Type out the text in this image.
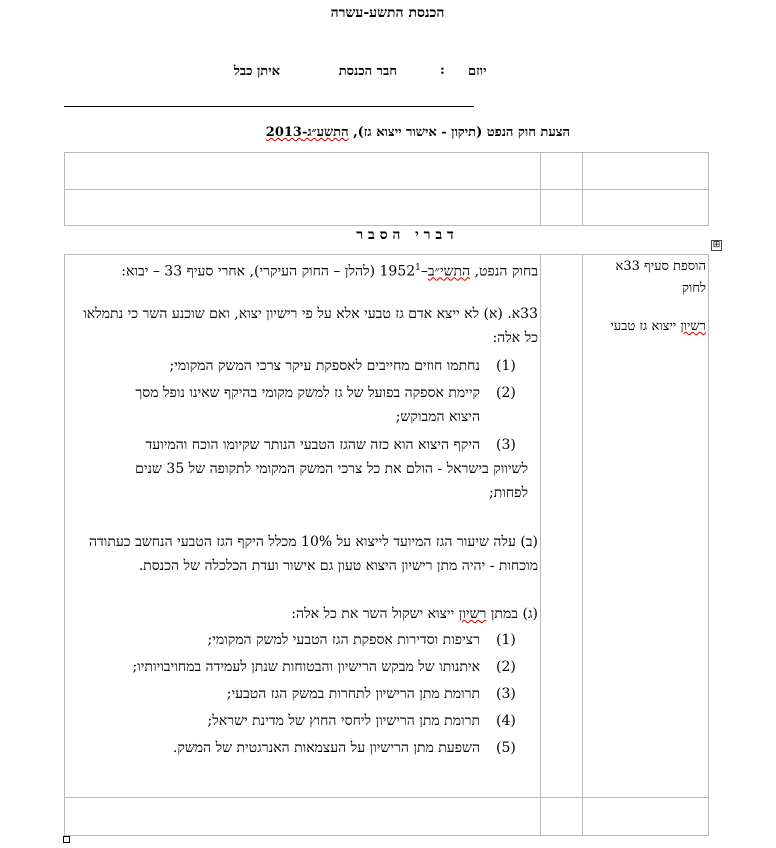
הכנסת התשע-עשרה
יוזם
:
חבר הכנסת
איתן כבל
הצעת חוק הנפט (תיקון - אישור ייצוא גז), התשע״ג-2013
ד ב ר י   ה ס ב ר
⊞
הוספת סעיף 33א
לחוק
רשיון ייצוא גז טבעי
בחוק הנפט, התשי״ב–1952$^1$ (להלן – החוק העיקרי), אחרי סעיף 33 – יבוא:
33א. (א) לא ייצא אדם גז טבעי אלא על פי רישיון יצוא, ואם שוכנע השר כי נתמלאו
כל אלה:
(1)
נחתמו חוזים מחייבים לאספקת עיקר צרכי המשק המקומי;
(2)
קיימת אספקה בפועל של גז למשק מקומי בהיקף שאינו נופל מסך
היצוא המבוקש;
(3)
היקף היצוא הוא כזה שהגז הטבעי הנותר שקיומו הוכח והמיועד
לשיווק בישראל - הולם את כל צרכי המשק המקומי לתקופה של 35 שנים
לפחות;
(ב) עלה שיעור הגז המיועד לייצוא על 10% מכלל היקף הגז הטבעי הנחשב כעתודה
מוכחות - יהיה מתן רישיון היצוא טעון גם אישור ועדת הכלכלה של הכנסת.
(ג) במתן רשיון ייצוא ישקול השר את כל אלה:
(1)
רציפות וסדירות אספקת הגז הטבעי למשק המקומי;
(2)
איתנותו של מבקש הרישיון והבטוחות שנתן לעמידה במחויבויותיו;
(3)
תרומת מתן הרישיון לתחרות במשק הגז הטבעי;
(4)
תרומת מתן הרישיון ליחסי החוץ של מדינת ישראל;
(5)
השפעת מתן הרישיון על העצמאות האנרגטית של המשק.
